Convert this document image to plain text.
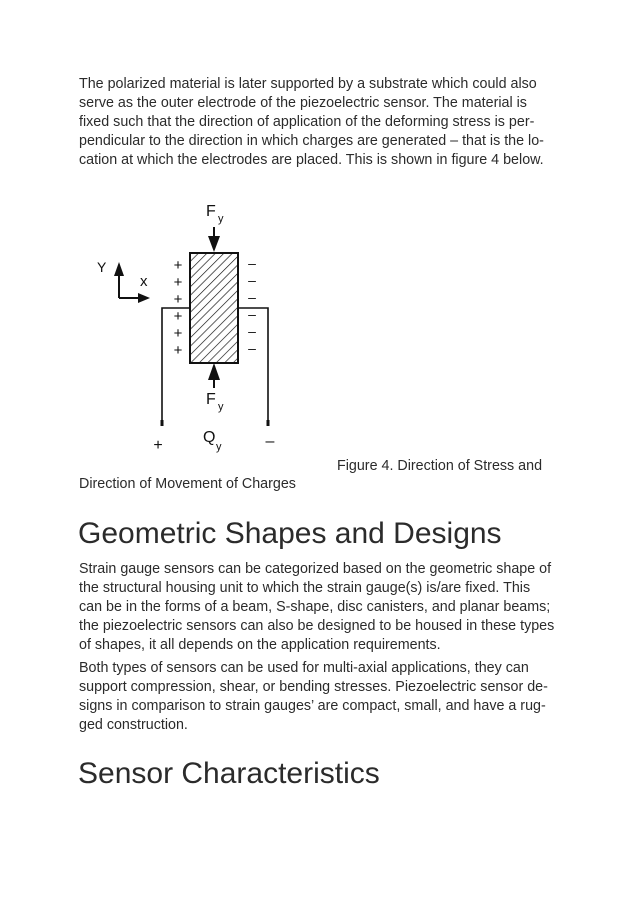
The polarized material is later supported by a substrate which could also
serve as the outer electrode of the piezoelectric sensor. The material is
fixed such that the direction of application of the deforming stress is per-
pendicular to the direction in which charges are generated – that is the lo-
cation at which the electrodes are placed. This is shown in figure 4 below.

F y
F y
Y
x
+
+
+
+
+
+
–
–
–
–
–
–
+	–
Q
y
Figure 4. Direction of Stress and
Direction of Movement of Charges
Geometric Shapes and Designs

Strain gauge sensors can be categorized based on the geometric shape of
the structural housing unit to which the strain gauge(s) is/are fixed. This
can be in the forms of a beam, S-shape, disc canisters, and planar beams;
the piezoelectric sensors can also be designed to be housed in these types
of shapes, it all depends on the application requirements.

Both types of sensors can be used for multi-axial applications, they can
support compression, shear, or bending stresses. Piezoelectric sensor de-
signs in comparison to strain gauges’ are compact, small, and have a rug-
ged construction.

Sensor Characteristics
